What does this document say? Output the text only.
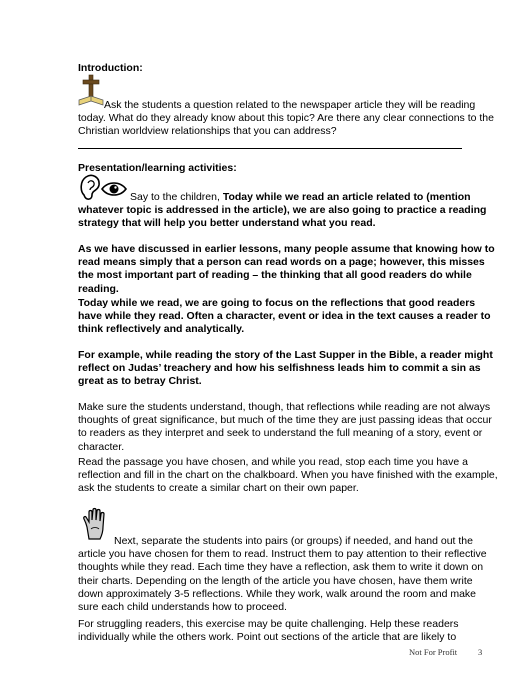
Introduction:

Ask the students a question related to the newspaper article they will be reading today. What do they already know about this topic? Are there any clear connections to the Christian worldview relationships that you can address?

Presentation/learning activities:

Say to the children, Today while we read an article related to (mention whatever topic is addressed in the article), we are also going to practice a reading strategy that will help you better understand what you read.

As we have discussed in earlier lessons, many people assume that knowing how to read means simply that a person can read words on a page; however, this misses the most important part of reading – the thinking that all good readers do while reading.

Today while we read, we are going to focus on the reflections that good readers have while they read. Often a character, event or idea in the text causes a reader to think reflectively and analytically.

For example, while reading the story of the Last Supper in the Bible, a reader might reflect on Judas’ treachery and how his selfishness leads him to commit a sin as great as to betray Christ.

Make sure the students understand, though, that reflections while reading are not always thoughts of great significance, but much of the time they are just passing ideas that occur to readers as they interpret and seek to understand the full meaning of a story, event or character.

Read the passage you have chosen, and while you read, stop each time you have a reflection and fill in the chart on the chalkboard. When you have finished with the example, ask the students to create a similar chart on their own paper.

Next, separate the students into pairs (or groups) if needed, and hand out the article you have chosen for them to read. Instruct them to pay attention to their reflective thoughts while they read. Each time they have a reflection, ask them to write it down on their charts. Depending on the length of the article you have chosen, have them write down approximately 3-5 reflections. While they work, walk around the room and make sure each child understands how to proceed.

For struggling readers, this exercise may be quite challenging. Help these readers individually while the others work. Point out sections of the article that are likely to

Not For Profit 3
